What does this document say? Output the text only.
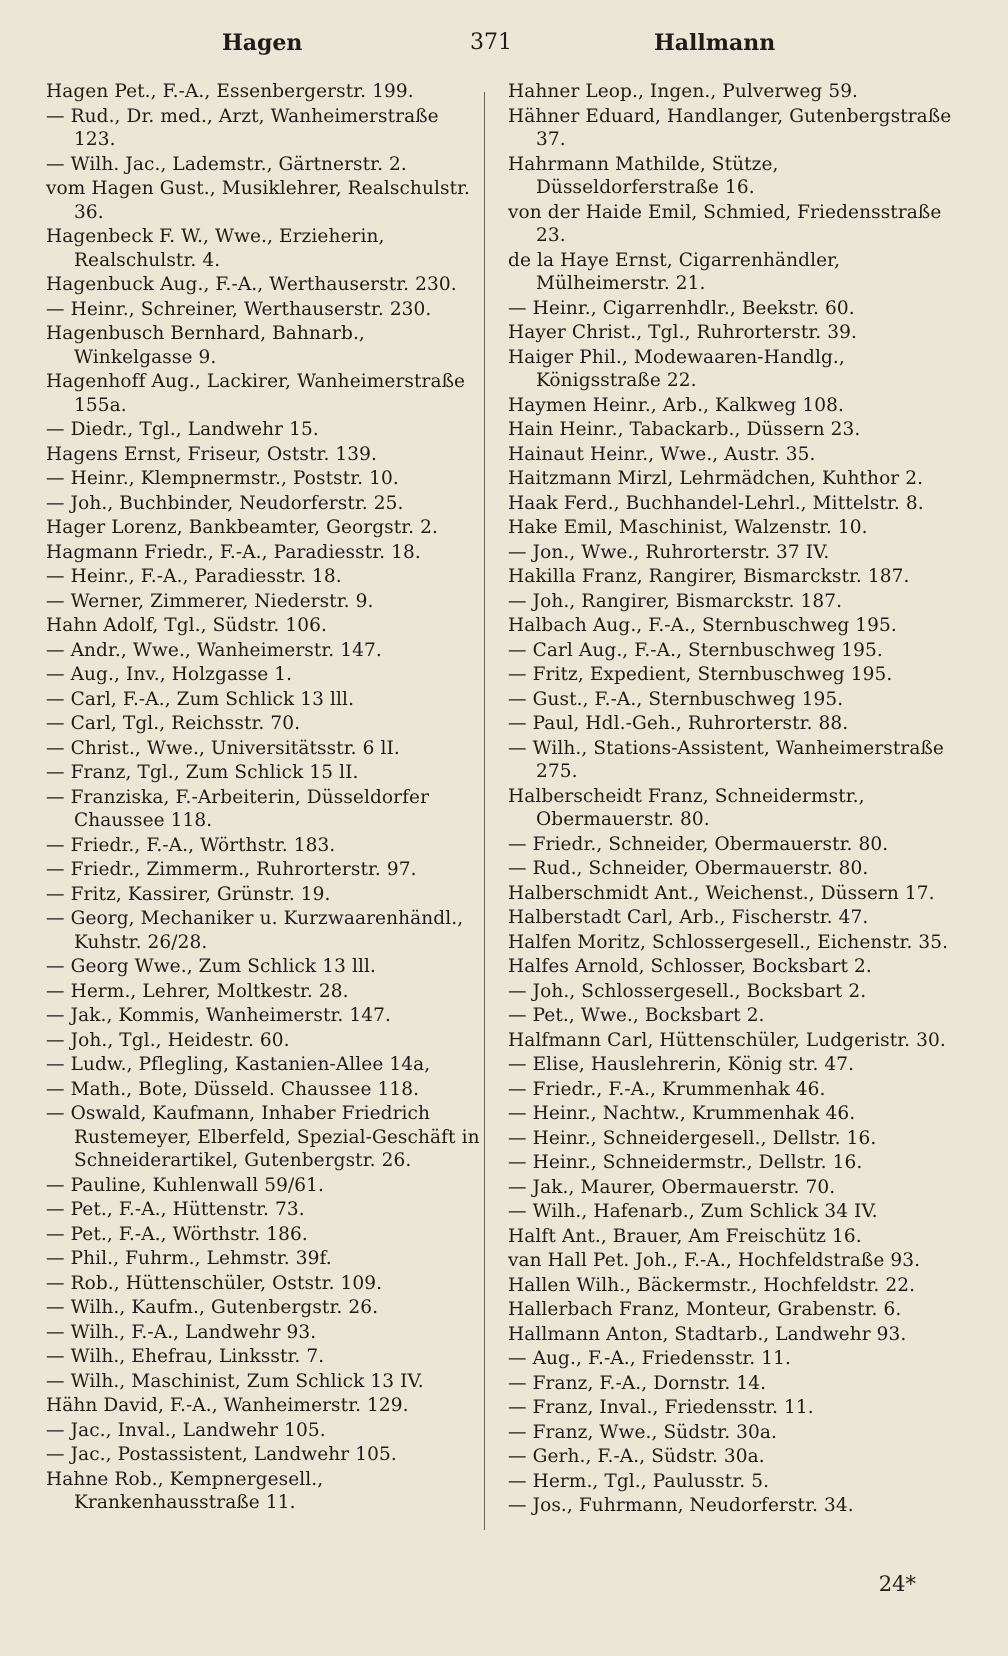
Hagen	371	Hallmann
Hagen Pet., F.-A., Essenbergerstr. 199.
— Rud., Dr. med., Arzt, Wanheimerstraße 123.
— Wilh. Jac., Lademstr., Gärtnerstr. 2.
vom Hagen Gust., Musiklehrer, Realschulstr. 36.
Hagenbeck F. W., Wwe., Erzieherin, Realschulstr. 4.
Hagenbuck Aug., F.-A., Werthauserstr. 230.
— Heinr., Schreiner, Werthauserstr. 230.
Hagenbusch Bernhard, Bahnarb., Winkelgasse 9.
Hagenhoff Aug., Lackirer, Wanheimerstraße 155a.
— Diedr., Tgl., Landwehr 15.
Hagens Ernst, Friseur, Oststr. 139.
— Heinr., Klempnermstr., Poststr. 10.
— Joh., Buchbinder, Neudorferstr. 25.
Hager Lorenz, Bankbeamter, Georgstr. 2.
Hagmann Friedr., F.-A., Paradiesstr. 18.
— Heinr., F.-A., Paradiesstr. 18.
— Werner, Zimmerer, Niederstr. 9.
Hahn Adolf, Tgl., Südstr. 106.
— Andr., Wwe., Wanheimerstr. 147.
— Aug., Inv., Holzgasse 1.
— Carl, F.-A., Zum Schlick 13 lll.
— Carl, Tgl., Reichsstr. 70.
— Christ., Wwe., Universitätsstr. 6 lI.
— Franz, Tgl., Zum Schlick 15 lI.
— Franziska, F.-Arbeiterin, Düsseldorfer Chaussee 118.
— Friedr., F.-A., Wörthstr. 183.
— Friedr., Zimmerm., Ruhrorterstr. 97.
— Fritz, Kassirer, Grünstr. 19.
— Georg, Mechaniker u. Kurzwaarenhändl., Kuhstr. 26/28.
— Georg Wwe., Zum Schlick 13 lll.
— Herm., Lehrer, Moltkestr. 28.
— Jak., Kommis, Wanheimerstr. 147.
— Joh., Tgl., Heidestr. 60.
— Ludw., Pflegling, Kastanien-Allee 14a,
— Math., Bote, Düsseld. Chaussee 118.
— Oswald, Kaufmann, Inhaber Friedrich Rustemeyer, Elberfeld, Spezial-Geschäft in Schneiderartikel, Gutenbergstr. 26.
— Pauline, Kuhlenwall 59/61.
— Pet., F.-A., Hüttenstr. 73.
— Pet., F.-A., Wörthstr. 186.
— Phil., Fuhrm., Lehmstr. 39f.
— Rob., Hüttenschüler, Oststr. 109.
— Wilh., Kaufm., Gutenbergstr. 26.
— Wilh., F.-A., Landwehr 93.
— Wilh., Ehefrau, Linksstr. 7.
— Wilh., Maschinist, Zum Schlick 13 IV.
Hähn David, F.-A., Wanheimerstr. 129.
— Jac., Inval., Landwehr 105.
— Jac., Postassistent, Landwehr 105.
Hahne Rob., Kempnergesell., Krankenhausstraße 11.
Hahner Leop., Ingen., Pulverweg 59.
Hähner Eduard, Handlanger, Gutenbergstraße 37.
Hahrmann Mathilde, Stütze, Düsseldorferstraße 16.
von der Haide Emil, Schmied, Friedensstraße 23.
de la Haye Ernst, Cigarrenhändler, Mülheimerstr. 21.
— Heinr., Cigarrenhdlr., Beekstr. 60.
Hayer Christ., Tgl., Ruhrorterstr. 39.
Haiger Phil., Modewaaren-Handlg., Königsstraße 22.
Haymen Heinr., Arb., Kalkweg 108.
Hain Heinr., Tabackarb., Düssern 23.
Hainaut Heinr., Wwe., Austr. 35.
Haitzmann Mirzl, Lehrmädchen, Kuhthor 2.
Haak Ferd., Buchhandel-Lehrl., Mittelstr. 8.
Hake Emil, Maschinist, Walzenstr. 10.
— Jon., Wwe., Ruhrorterstr. 37 IV.
Hakilla Franz, Rangirer, Bismarckstr. 187.
— Joh., Rangirer, Bismarckstr. 187.
Halbach Aug., F.-A., Sternbuschweg 195.
— Carl Aug., F.-A., Sternbuschweg 195.
— Fritz, Expedient, Sternbuschweg 195.
— Gust., F.-A., Sternbuschweg 195.
— Paul, Hdl.-Geh., Ruhrorterstr. 88.
— Wilh., Stations-Assistent, Wanheimerstraße 275.
Halberscheidt Franz, Schneidermstr., Obermauerstr. 80.
— Friedr., Schneider, Obermauerstr. 80.
— Rud., Schneider, Obermauerstr. 80.
Halberschmidt Ant., Weichenst., Düssern 17.
Halberstadt Carl, Arb., Fischerstr. 47.
Halfen Moritz, Schlossergesell., Eichenstr. 35.
Halfes Arnold, Schlosser, Bocksbart 2.
— Joh., Schlossergesell., Bocksbart 2.
— Pet., Wwe., Bocksbart 2.
Halfmann Carl, Hüttenschüler, Ludgeristr. 30.
— Elise, Hauslehrerin, König str. 47.
— Friedr., F.-A., Krummenhak 46.
— Heinr., Nachtw., Krummenhak 46.
— Heinr., Schneidergesell., Dellstr. 16.
— Heinr., Schneidermstr., Dellstr. 16.
— Jak., Maurer, Obermauerstr. 70.
— Wilh., Hafenarb., Zum Schlick 34 IV.
Halft Ant., Brauer, Am Freischütz 16.
van Hall Pet. Joh., F.-A., Hochfeldstraße 93.
Hallen Wilh., Bäckermstr., Hochfeldstr. 22.
Hallerbach Franz, Monteur, Grabenstr. 6.
Hallmann Anton, Stadtarb., Landwehr 93.
— Aug., F.-A., Friedensstr. 11.
— Franz, F.-A., Dornstr. 14.
— Franz, Inval., Friedensstr. 11.
— Franz, Wwe., Südstr. 30a.
— Gerh., F.-A., Südstr. 30a.
— Herm., Tgl., Paulusstr. 5.
— Jos., Fuhrmann, Neudorferstr. 34.
24*
